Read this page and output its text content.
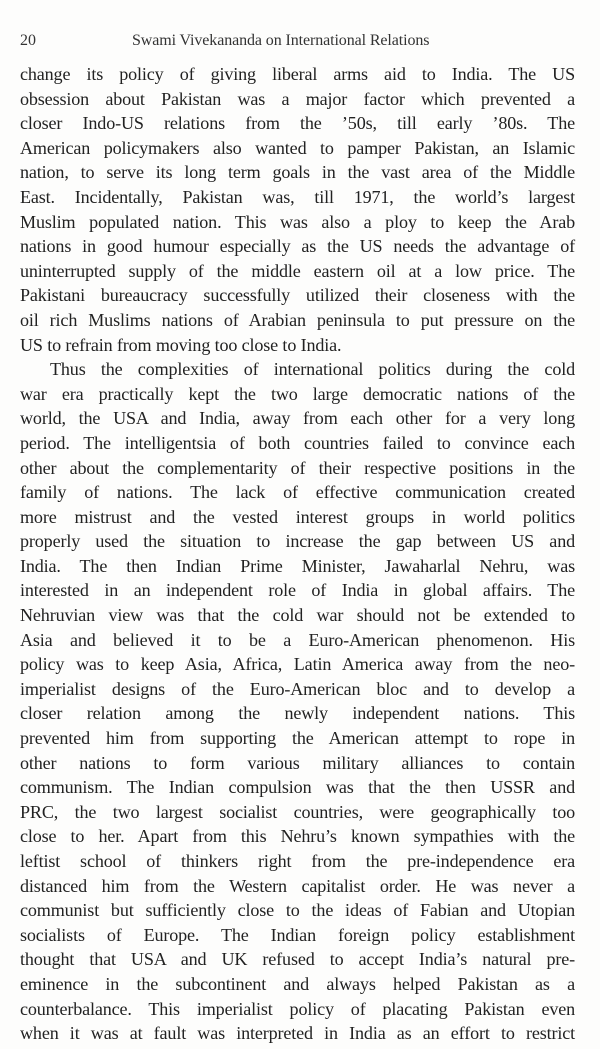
20	Swami Vivekananda on International Relations
change its policy of giving liberal arms aid to India. The US
obsession about Pakistan was a major factor which prevented a
closer Indo-US relations from the ’50s, till early ’80s. The
American policymakers also wanted to pamper Pakistan, an Islamic
nation, to serve its long term goals in the vast area of the Middle
East. Incidentally, Pakistan was, till 1971, the world’s largest
Muslim populated nation. This was also a ploy to keep the Arab
nations in good humour especially as the US needs the advantage of
uninterrupted supply of the middle eastern oil at a low price. The
Pakistani bureaucracy successfully utilized their closeness with the
oil rich Muslims nations of Arabian peninsula to put pressure on the
US to refrain from moving too close to India.
Thus the complexities of international politics during the cold
war era practically kept the two large democratic nations of the
world, the USA and India, away from each other for a very long
period. The intelligentsia of both countries failed to convince each
other about the complementarity of their respective positions in the
family of nations. The lack of effective communication created
more mistrust and the vested interest groups in world politics
properly used the situation to increase the gap between US and
India. The then Indian Prime Minister, Jawaharlal Nehru, was
interested in an independent role of India in global affairs. The
Nehruvian view was that the cold war should not be extended to
Asia and believed it to be a Euro-American phenomenon. His
policy was to keep Asia, Africa, Latin America away from the neo-
imperialist designs of the Euro-American bloc and to develop a
closer relation among the newly independent nations. This
prevented him from supporting the American attempt to rope in
other nations to form various military alliances to contain
communism. The Indian compulsion was that the then USSR and
PRC, the two largest socialist countries, were geographically too
close to her. Apart from this Nehru’s known sympathies with the
leftist school of thinkers right from the pre-independence era
distanced him from the Western capitalist order. He was never a
communist but sufficiently close to the ideas of Fabian and Utopian
socialists of Europe. The Indian foreign policy establishment
thought that USA and UK refused to accept India’s natural pre-
eminence in the subcontinent and always helped Pakistan as a
counterbalance. This imperialist policy of placating Pakistan even
when it was at fault was interpreted in India as an effort to restrict
